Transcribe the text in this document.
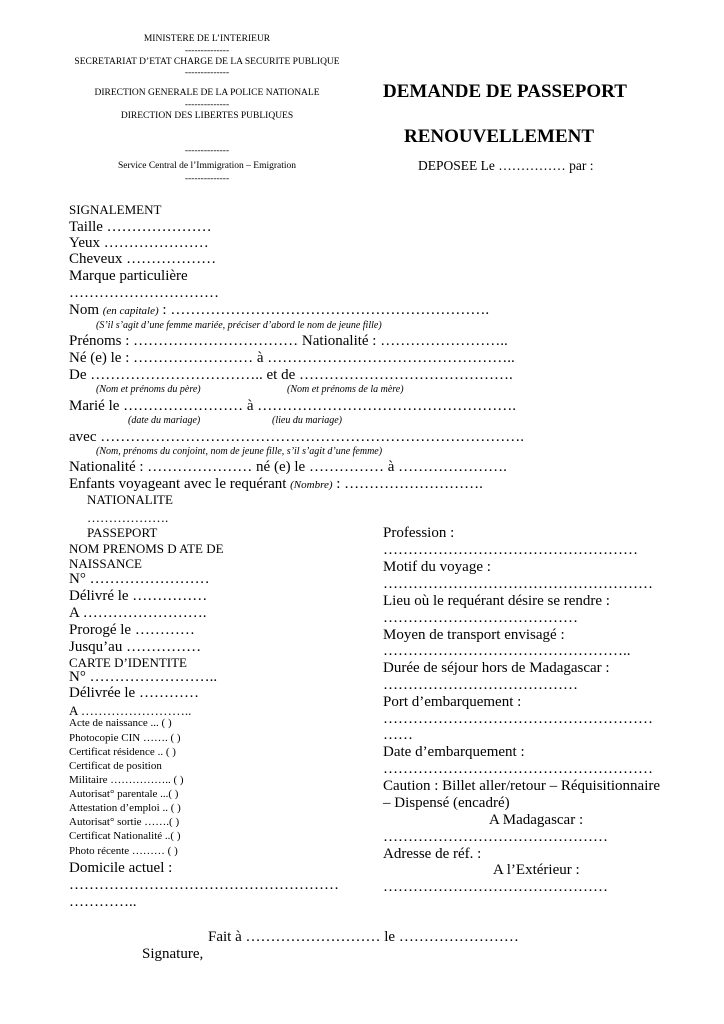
MINISTERE DE L’INTERIEUR
--------------
SECRETARIAT D’ETAT CHARGE DE LA SECURITE PUBLIQUE
--------------
DIRECTION GENERALE DE LA POLICE NATIONALE
--------------
DIRECTION DES LIBERTES PUBLIQUES
--------------
Service Central de l’Immigration – Emigration
--------------
DEMANDE DE PASSEPORT
RENOUVELLEMENT
DEPOSEE Le …………… par :
SIGNALEMENT
Taille …………………
Yeux …………………
Cheveux ………………
Marque particulière
…………………………
Nom (en capitale) : ……………………………………………………….
(S’il s’agit d’une femme mariée, préciser d’abord le nom de jeune fille)
Prénoms : …………………………… Nationalité : ……………………..
Né (e) le : …………………… à …………………………………………..
De …………………………….. et de …………………………………….
(Nom et prénoms du père)	(Nom et prénoms de la mère)
Marié le …………………… à …………………………………………….
(date du mariage)	(lieu du mariage)
avec ………………………………………………………………………….
(Nom, prénoms du conjoint, nom de jeune fille, s’il s’agit d’une femme)
Nationalité : ………………… né (e) le …………… à ………………….
Enfants voyageant avec le requérant (Nombre) : ……………………….
NATIONALITE
……………….
PASSEPORT
NOM PRENOMS D ATE DE
NAISSANCE
N° ……………………
Délivré le ……………
A …………………….
Prorogé le …………
Jusqu’au ……………
CARTE D’IDENTITE
N° ……………………..
Délivrée le …………
A ……………………..
Acte de naissance ... ( )
Photocopie CIN ……. ( )
Certificat résidence .. ( )
Certificat de position
Militaire …………….. ( )
Autorisat° parentale ...( )
Attestation d’emploi .. ( )
Autorisat° sortie …….( )
Certificat Nationalité ..( )
Photo récente ……… ( )
Domicile actuel :
………………………………………………
…………..
Profession :
……………………………………………
Motif du voyage :
………………………………………………
Lieu où le requérant désire se rendre :
…………………………………
Moyen de transport envisagé :
…………………………………………..
Durée de séjour hors de Madagascar :
…………………………………
Port d’embarquement :
………………………………………………
……
Date d’embarquement :
………………………………………………
Caution : Billet aller/retour – Réquisitionnaire
– Dispensé (encadré)
A Madagascar :
………………………………………
Adresse de réf. :
A l’Extérieur :
………………………………………
Fait à ……………………… le ……………………
Signature,
